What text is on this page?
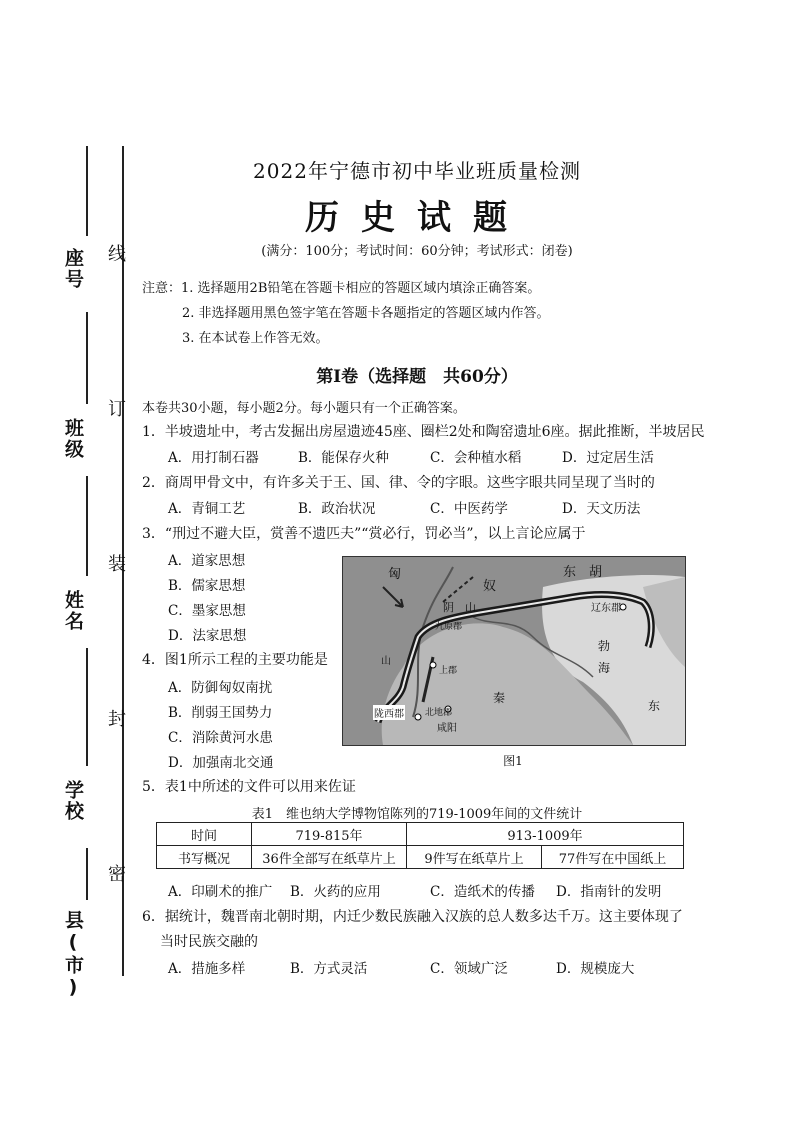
座号
班级
姓名
学校
县(市)
线
订
装
封
密
2022年宁德市初中毕业班质量检测
历史试题
(满分：100分；考试时间：60分钟；考试形式：闭卷)
注意：1. 选择题用2B铅笔在答题卡相应的答题区域内填涂正确答案。
2. 非选择题用黑色签字笔在答题卡各题指定的答题区域内作答。
3. 在本试卷上作答无效。
第Ⅰ卷（选择题　共60分）
本卷共30小题，每小题2分。每小题只有一个正确答案。
1．半坡遗址中，考古发掘出房屋遗迹45座、圈栏2处和陶窑遗址6座。据此推断，半坡居民
A．用打制石器	B．能保存火种	C．会种植水稻	D．过定居生活
2．商周甲骨文中，有许多关于王、国、律、令的字眼。这些字眼共同呈现了当时的
A．青铜工艺	B．政治状况	C．中医药学	D．天文历法
3．“刑过不避大臣，赏善不遗匹夫”“赏必行，罚必当”，以上言论应属于
A．道家思想
B．儒家思想
C．墨家思想
D．法家思想
4．图1所示工程的主要功能是
A．防御匈奴南扰
B．削弱王国势力
C．消除黄河水患
D．加强南北交通
匈
奴
东　胡
阴　山
九原郡
辽东郡
勃
海
东
秦
山
上郡
陇西郡 北地郡
咸阳
图1
5．表1中所述的文件可以用来佐证
表1　维也纳大学博物馆陈列的719-1009年间的文件统计
时间	719-815年	913-1009年	
书写概况	36件全部写在纸草片上	9件写在纸草片上	77件写在中国纸上
A．印刷术的推广 B．火药的应用	C．造纸术的传播 D．指南针的发明
6．据统计，魏晋南北朝时期，内迁少数民族融入汉族的总人数多达千万。这主要体现了
当时民族交融的
A．措施多样	B．方式灵活	C．领域广泛	D．规模庞大
